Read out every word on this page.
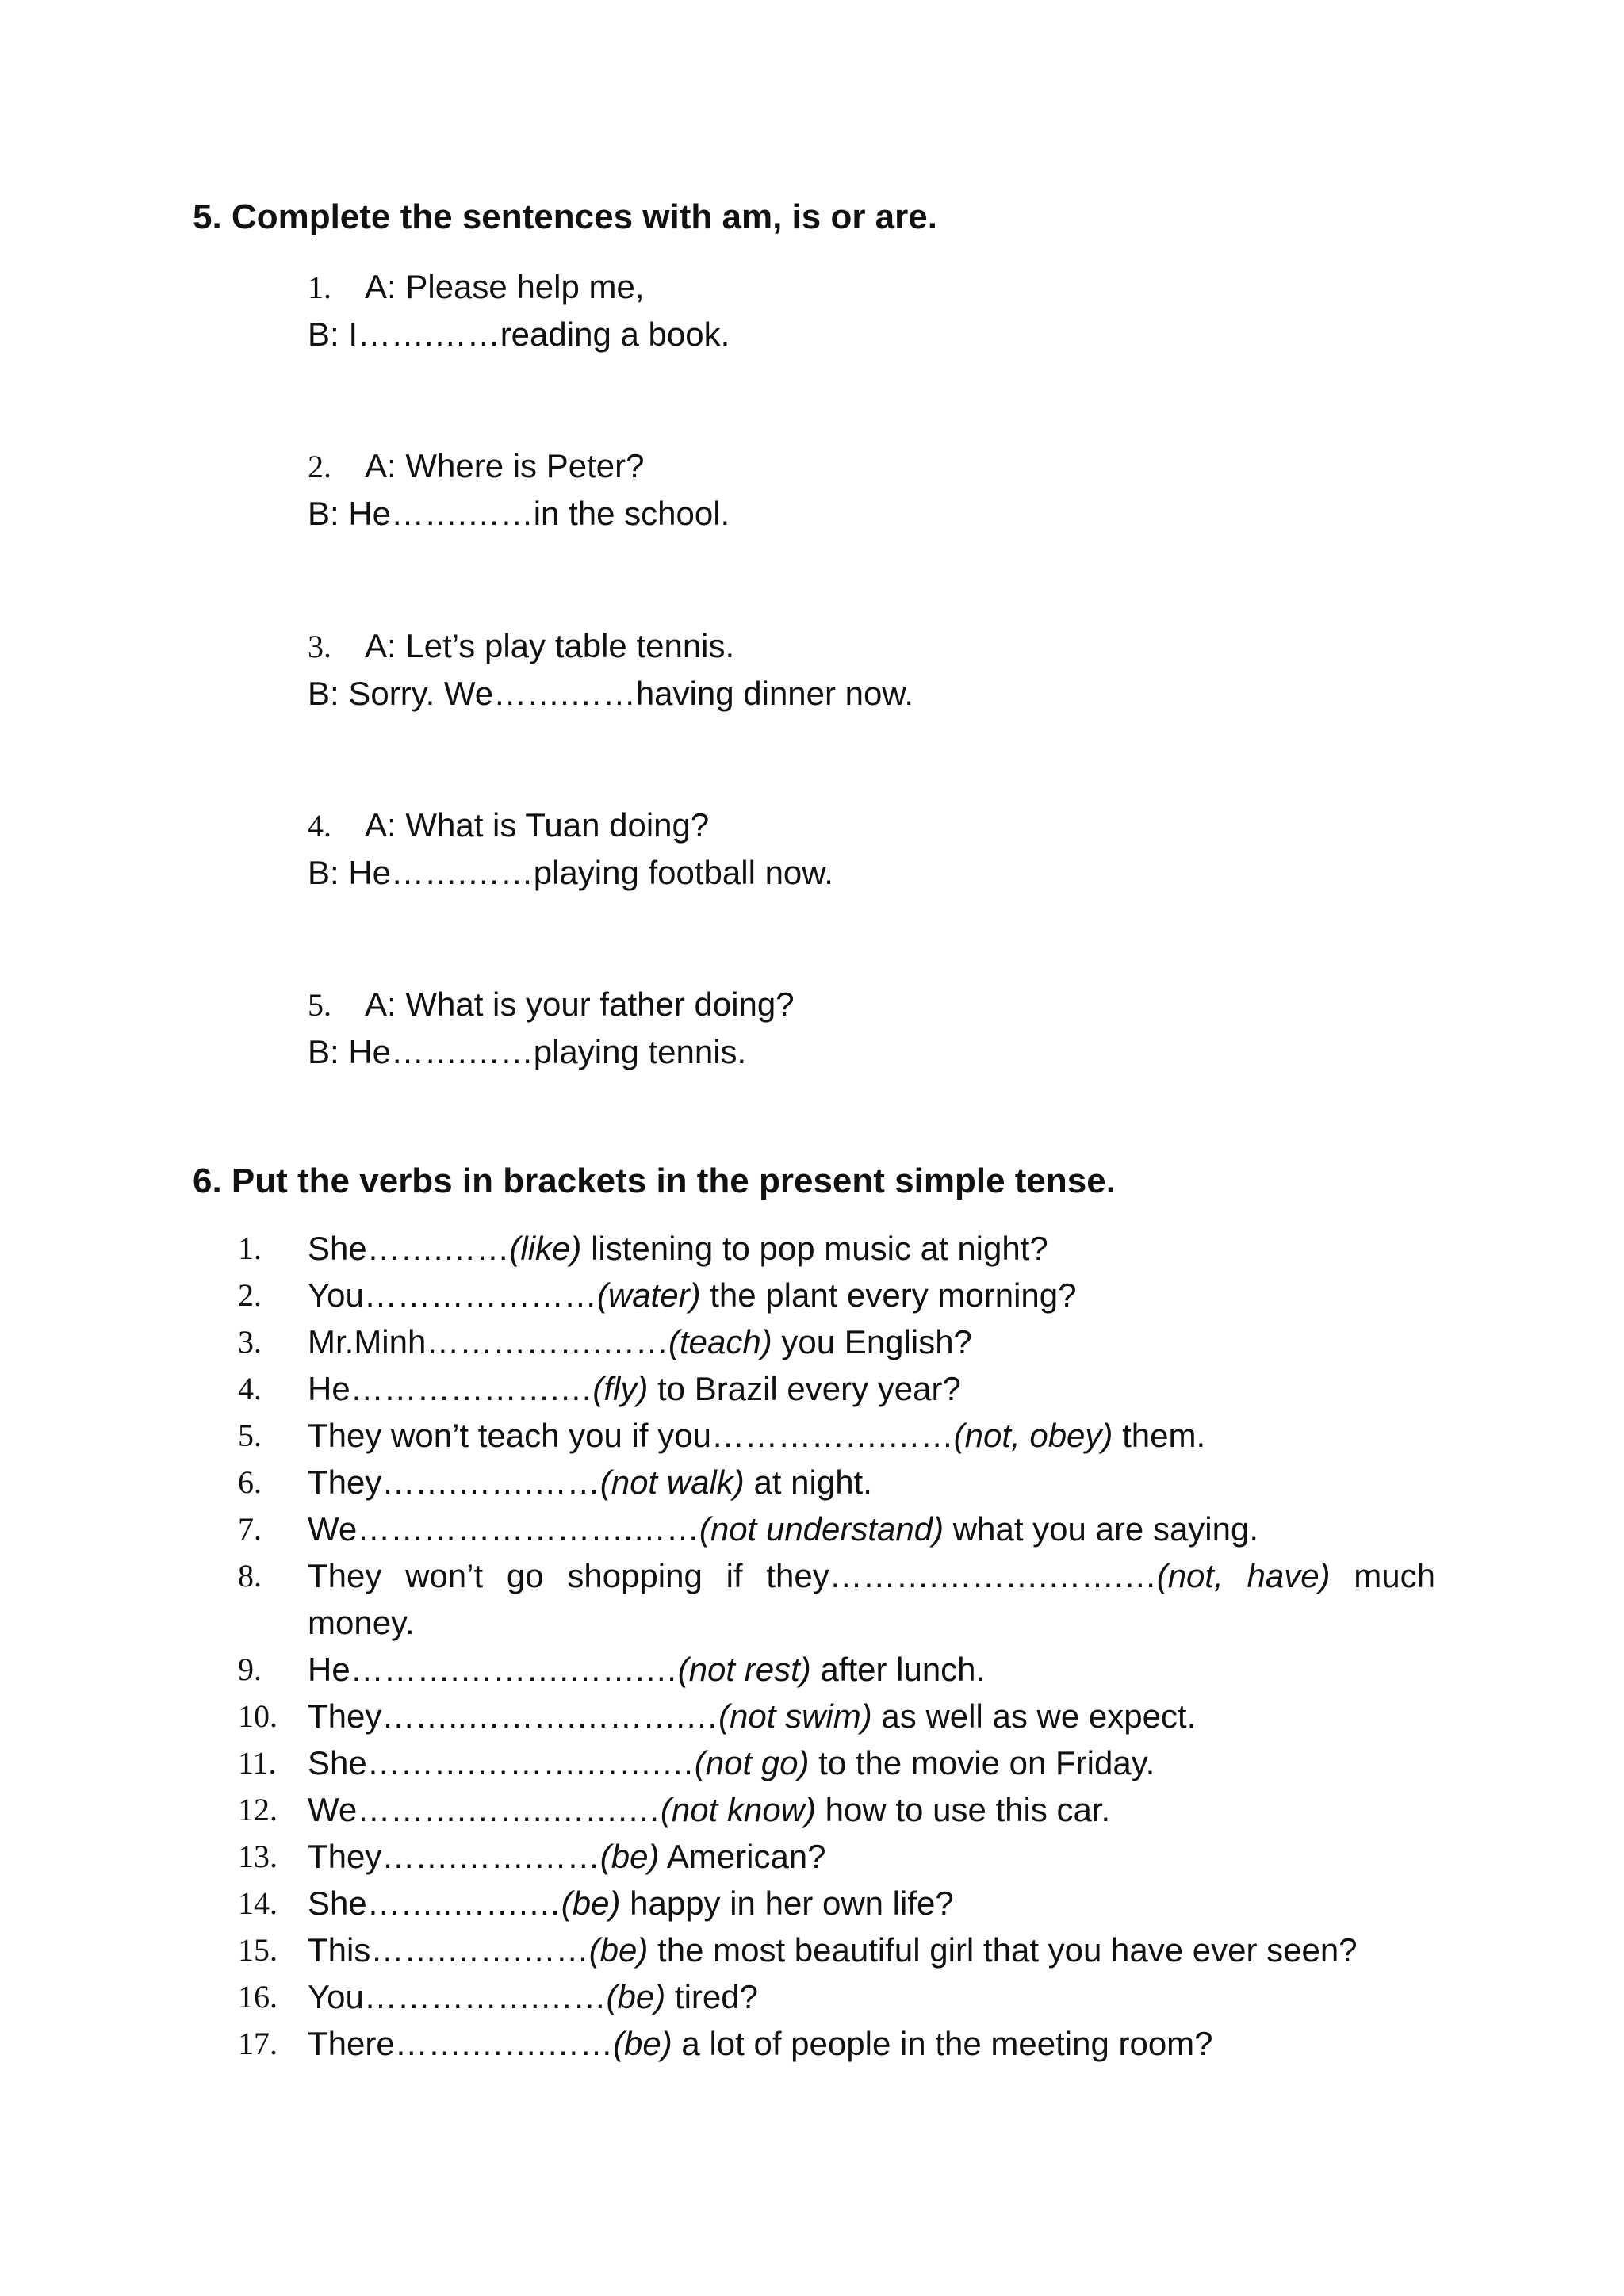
5. Complete the sentences with am, is or are.
1. A: Please help me,
B: I…….……reading a book.
2. A: Where is Peter?
B: He…….……in the school.
3. A: Let’s play table tennis.
B: Sorry. We…….……having dinner now.
4. A: What is Tuan doing?
B: He…….……playing football now.
5. A: What is your father doing?
B: He…….……playing tennis.
6. Put the verbs in brackets in the present simple tense.
1.	She…….……(like) listening to pop music at night?
2.	You…………………(water) the plant every morning?
3.	Mr.Minh…………….……(teach) you English?
4.	He……………….…(fly) to Brazil every year?
5.	They won’t teach you if you…………….……(not, obey) them.
6.	They…….…….……(not walk) at night.
7.	We…………………….……(not understand) what you are saying.
8.	They won’t go shopping if they……….……….…….…(not, have) much money.
9.	He……….……….…….…(not rest) after lunch.
10. They……..……….……….…(not swim) as well as we expect.
11. She……….……….…….…(not go) to the movie on Friday.
12. We……….……..…….…(not know) how to use this car.
13. They…….…….……(be) American?
14. She……..…….…(be) happy in her own life?
15. This…….…….……(be) the most beautiful girl that you have ever seen?
16. You…………….……(be) tired?
17. There…….…….……(be) a lot of people in the meeting room?
